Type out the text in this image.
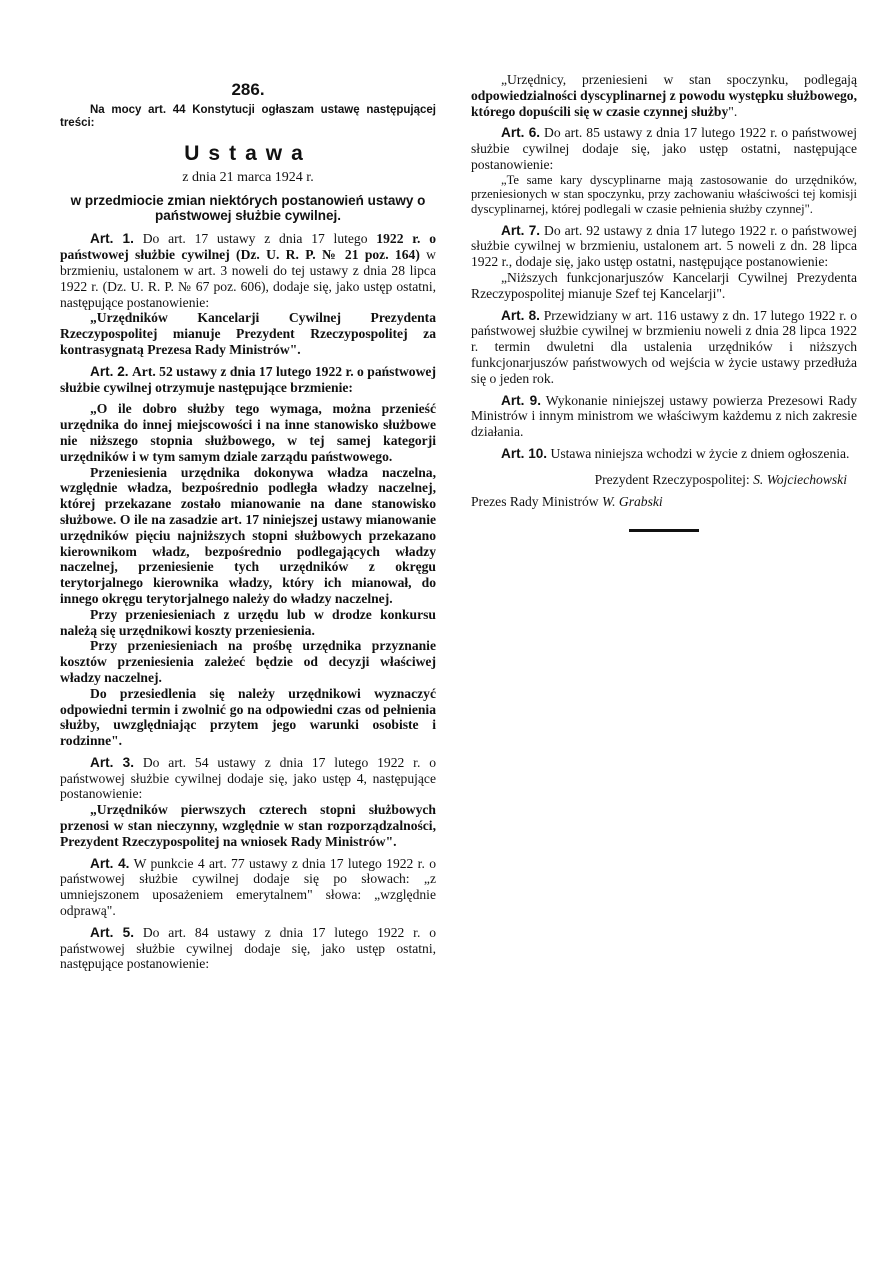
286.

Na mocy art. 44 Konstytucji ogłaszam ustawę następującej treści:

Ustawa
z dnia 21 marca 1924 r.
w przedmiocie zmian niektórych postanowień ustawy o państwowej służbie cywilnej.

Art. 1. Do art. 17 ustawy z dnia 17 lutego 1922 r. o państwowej służbie cywilnej (Dz. U. R. P. № 21 poz. 164) w brzmieniu, ustalonem w art. 3 noweli do tej ustawy z dnia 28 lipca 1922 r. (Dz. U. R. P. № 67 poz. 606), dodaje się, jako ustęp ostatni, następujące postanowienie:

„Urzędników Kancelarji Cywilnej Prezydenta Rzeczypospolitej mianuje Prezydent Rzeczypospolitej za kontrasygnatą Prezesa Rady Ministrów".

Art. 2. Art. 52 ustawy z dnia 17 lutego 1922 r. o państwowej służbie cywilnej otrzymuje następujące brzmienie:

„O ile dobro służby tego wymaga, można przenieść urzędnika do innej miejscowości i na inne stanowisko służbowe nie niższego stopnia służbowego, w tej samej kategorji urzędników i w tym samym dziale zarządu państwowego.

Przeniesienia urzędnika dokonywa władza naczelna, względnie władza, bezpośrednio podległa władzy naczelnej, której przekazane zostało mianowanie na dane stanowisko służbowe. O ile na zasadzie art. 17 niniejszej ustawy mianowanie urzędników pięciu najniższych stopni służbowych przekazano kierownikom władz, bezpośrednio podlegających władzy naczelnej, przeniesienie tych urzędników z okręgu terytorjalnego kierownika władzy, który ich mianował, do innego okręgu terytorjalnego należy do władzy naczelnej.

Przy przeniesieniach z urzędu lub w drodze konkursu należą się urzędnikowi koszty przeniesienia.

Przy przeniesieniach na prośbę urzędnika przyznanie kosztów przeniesienia zależeć będzie od decyzji właściwej władzy naczelnej.

Do przesiedlenia się należy urzędnikowi wyznaczyć odpowiedni termin i zwolnić go na odpowiedni czas od pełnienia służby, uwzględniając przytem jego warunki osobiste i rodzinne".

Art. 3. Do art. 54 ustawy z dnia 17 lutego 1922 r. o państwowej służbie cywilnej dodaje się, jako ustęp 4, następujące postanowienie:

„Urzędników pierwszych czterech stopni służbowych przenosi w stan nieczynny, względnie w stan rozporządzalności, Prezydent Rzeczypospolitej na wniosek Rady Ministrów".

Art. 4. W punkcie 4 art. 77 ustawy z dnia 17 lutego 1922 r. o państwowej służbie cywilnej dodaje się po słowach: „z umniejszonem uposażeniem emerytalnem" słowa: „względnie odprawą".

Art. 5. Do art. 84 ustawy z dnia 17 lutego 1922 r. o państwowej służbie cywilnej dodaje się, jako ustęp ostatni, następujące postanowienie:

„Urzędnicy, przeniesieni w stan spoczynku, podlegają odpowiedzialności dyscyplinarnej z powodu występku służbowego, którego dopuścili się w czasie czynnej służby".

Art. 6. Do art. 85 ustawy z dnia 17 lutego 1922 r. o państwowej służbie cywilnej dodaje się, jako ustęp ostatni, następujące postanowienie:

„Te same kary dyscyplinarne mają zastosowanie do urzędników, przeniesionych w stan spoczynku, przy zachowaniu właściwości tej komisji dyscyplinarnej, której podlegali w czasie pełnienia służby czynnej".

Art. 7. Do art. 92 ustawy z dnia 17 lutego 1922 r. o państwowej służbie cywilnej w brzmieniu, ustalonem art. 5 noweli z dn. 28 lipca 1922 r., dodaje się, jako ustęp ostatni, następujące postanowienie:

„Niższych funkcjonarjuszów Kancelarji Cywilnej Prezydenta Rzeczypospolitej mianuje Szef tej Kancelarji".

Art. 8. Przewidziany w art. 116 ustawy z dn. 17 lutego 1922 r. o państwowej służbie cywilnej w brzmieniu noweli z dnia 28 lipca 1922 r. termin dwuletni dla ustalenia urzędników i niższych funkcjonarjuszów państwowych od wejścia w życie ustawy przedłuża się o jeden rok.

Art. 9. Wykonanie niniejszej ustawy powierza Prezesowi Rady Ministrów i innym ministrom we właściwym każdemu z nich zakresie działania.

Art. 10. Ustawa niniejsza wchodzi w życie z dniem ogłoszenia.

Prezydent Rzeczypospolitej: S. Wojciechowski

Prezes Rady Ministrów W. Grabski
